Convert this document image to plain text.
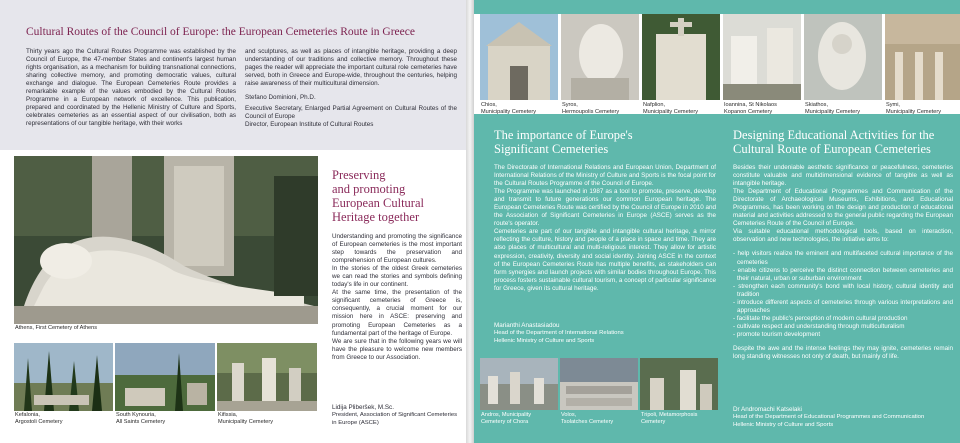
Cultural Routes of the Council of Europe: the European Cemeteries Route in Greece

Thirty years ago the Cultural Routes Programme was established by the Council of Europe, the 47-member States and continent's largest human rights organisation, as a mechanism for building transnational connections, sharing collective memory, and promoting democratic values, cultural exchange and dialogue. The European Cemeteries Route provides a remarkable example of the values embodied by the Cultural Routes Programme in a European network of excellence. This publication, prepared and coordinated by the Hellenic Ministry of Culture and Sports, celebrates cemeteries as an essential aspect of our civilisation, both as representations of our tangible heritage, with their works

and sculptures, as well as places of intangible heritage, providing a deep understanding of our traditions and collective memory. Throughout these pages the reader will appreciate the important cultural role cemeteries have served, both in Greece and Europe-wide, throughout the centuries, helping raise awareness of their multicultural dimension.

Stefano Dominioni, Ph.D.

Executive Secretary, Enlarged Partial Agreement on Cultural Routes of the Council of Europe
Director, European Institute of Cultural Routes
Athens, First Cemetery of Athens
Kefalonia,
Argostoli Cemetery
South Kynouria,
All Saints Cemetery
Kifissia,
Municipality Cemetery
Preserving
and promoting
European Cultural
Heritage together

Understanding and promoting the significance of European cemeteries is the most important step towards the preservation and comprehension of European cultures.

In the stories of the oldest Greek cemeteries we can read the stories and symbols defining today's life in our continent.

At the same time, the presentation of the significant cemeteries of Greece is, consequently, a crucial moment for our mission here in ASCE: preserving and promoting European Cemeteries as a fundamental part of the heritage of Europe.

We are sure that in the following years we will have the pleasure to welcome new members from Greece to our Association.

Lidija Pliberšek, M.Sc.
President, Association of Significant Cemeteries in Europe (ASCE)
Chios,
Municipality Cemetery
Syros,
Hermoupolis Cemetery
Nafplion,
Municipality Cemetery
Ioannina, St Nikolaos
Kopanon Cemetery
Skiathos,
Municipality Cemetery
Symi,
Municipality Cemetery
The importance of Europe's
Significant Cemeteries

The Directorate of International Relations and European Union, Department of International Relations of the Ministry of Culture and Sports is the focal point for the Cultural Routes Programme of the Council of Europe.

The Programme was launched in 1987 as a tool to promote, preserve, develop and transmit to future generations our common European heritage. The European Cemeteries Route was certified by the Council of Europe in 2010 and the Association of Significant Cemeteries in Europe (ASCE) serves as the route's operator.

Cemeteries are part of our tangible and intangible cultural heritage, a mirror reflecting the culture, history and people of a place in space and time. They are also places of multicultural and multi-religious interest. They allow for artistic expression, creativity, diversity and social identity. Joining ASCE in the context of the European Cemeteries Route has multiple benefits, as stakeholders can form synergies and launch projects with similar bodies throughout Europe. This process fosters sustainable cultural tourism, a concept of particular significance for Greece, given its cultural heritage.

Marianthi Anastasiadou
Head of the Department of International Relations
Hellenic Ministry of Culture and Sports
Andros, Municipality
Cemetery of Chora
Volos,
Tsolatches Cemetery
Tripoli, Metamorphosis
Cemetery
Designing Educational Activities for the
Cultural Route of European Cemeteries

Besides their undeniable aesthetic significance or peacefulness, cemeteries constitute valuable and multidimensional evidence of tangible as well as intangible heritage.

The Department of Educational Programmes and Communication of the Directorate of Archaeological Museums, Exhibitions, and Educational Programmes, has been working on the design and production of educational material and activities addressed to the general public regarding the European Cemeteries Route of the Council of Europe.

Via suitable educational methodological tools, based on interaction, observation and new technologies, the initiative aims to:

- help visitors realize the eminent and multifaceted cultural importance of the cemeteries
- enable citizens to perceive the distinct connection between cemeteries and their natural, urban or suburban environment
- strengthen each community's bond with local history, cultural identity and tradition
- introduce different aspects of cemeteries through various interpretations and approaches
- facilitate the public's perception of modern cultural production
- cultivate respect and understanding through multiculturalism
- promote tourism development

Despite the awe and the intense feelings they may ignite, cemeteries remain long standing witnesses not only of death, but mainly of life.

Dr Andromachi Katselaki
Head of the Department of Educational Programmes and Communication
Hellenic Ministry of Culture and Sports
